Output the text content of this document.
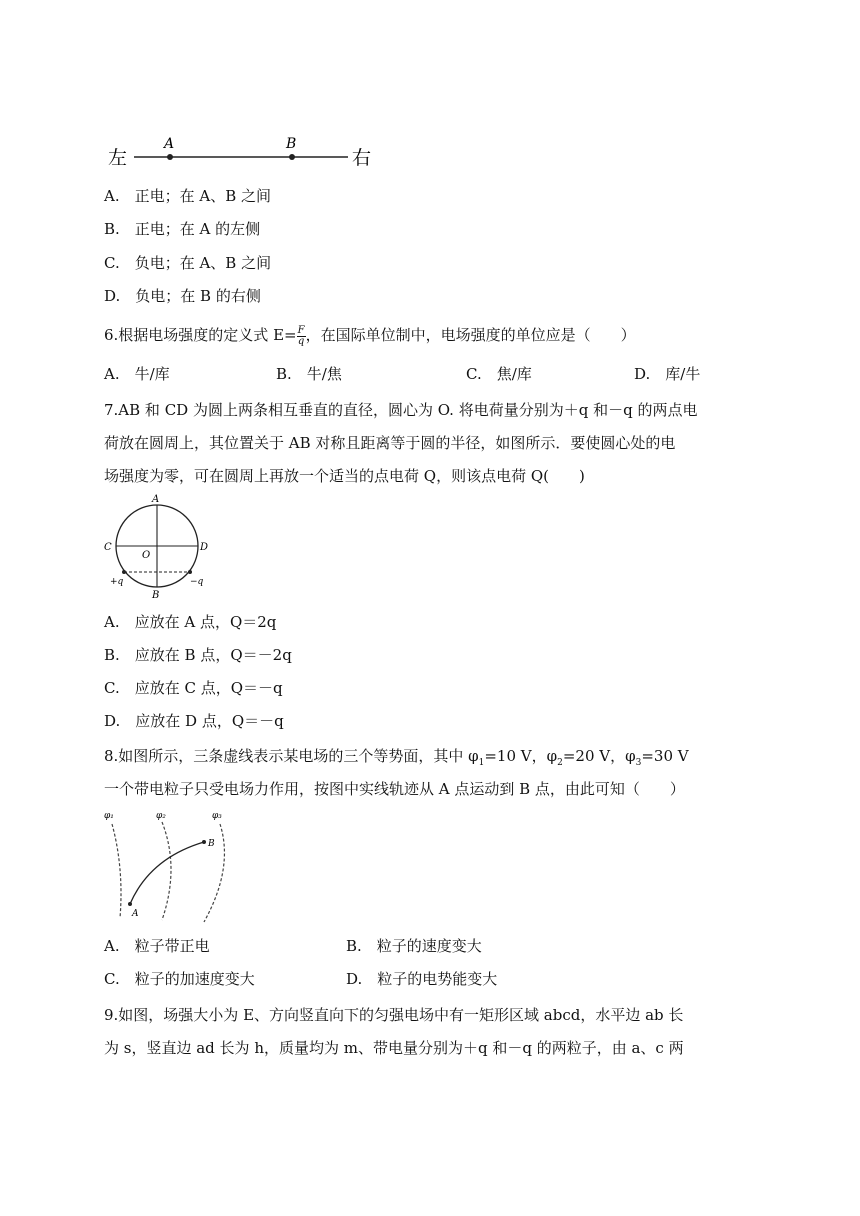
左
A	B
右
A.　正电；在 A、B 之间
B.　正电；在 A 的左侧
C.　负电；在 A、B 之间
D.　负电；在 B 的右侧
6.根据电场强度的定义式 $E= \frac{F}{q}$ ，在国际单位制中，电场强度的单位应是（　　）
A.　牛/库	B.　牛/焦	C.　焦/库	D.　库/牛
7.AB 和 CD 为圆上两条相互垂直的直径，圆心为 O. 将电荷量分别为＋q 和－q 的两点电
荷放在圆周上，其位置关于 AB 对称且距离等于圆的半径，如图所示．要使圆心处的电
场强度为零，可在圆周上再放一个适当的点电荷 Q，则该点电荷 Q(　　)
A
C	D
O
B
+q	−q
A.　应放在 A 点，Q＝2q
B.　应放在 B 点，Q＝－2q
C.　应放在 C 点，Q＝－q
D.　应放在 D 点，Q＝－q
8.如图所示，三条虚线表示某电场的三个等势面，其中 $\varphi_1=10$ V，$\varphi_2=20$ V，$\varphi_3=30$ V
一个带电粒子只受电场力作用，按图中实线轨迹从 A 点运动到 B 点，由此可知（　　）
φ₁	φ₂	φ₃
A
B
A.　粒子带正电	B.　粒子的速度变大
C.　粒子的加速度变大	D.　粒子的电势能变大
9.如图，场强大小为 E、方向竖直向下的匀强电场中有一矩形区域 abcd，水平边 ab 长
为 s，竖直边 ad 长为 h，质量均为 m、带电量分别为＋q 和－q 的两粒子，由 a、c 两
